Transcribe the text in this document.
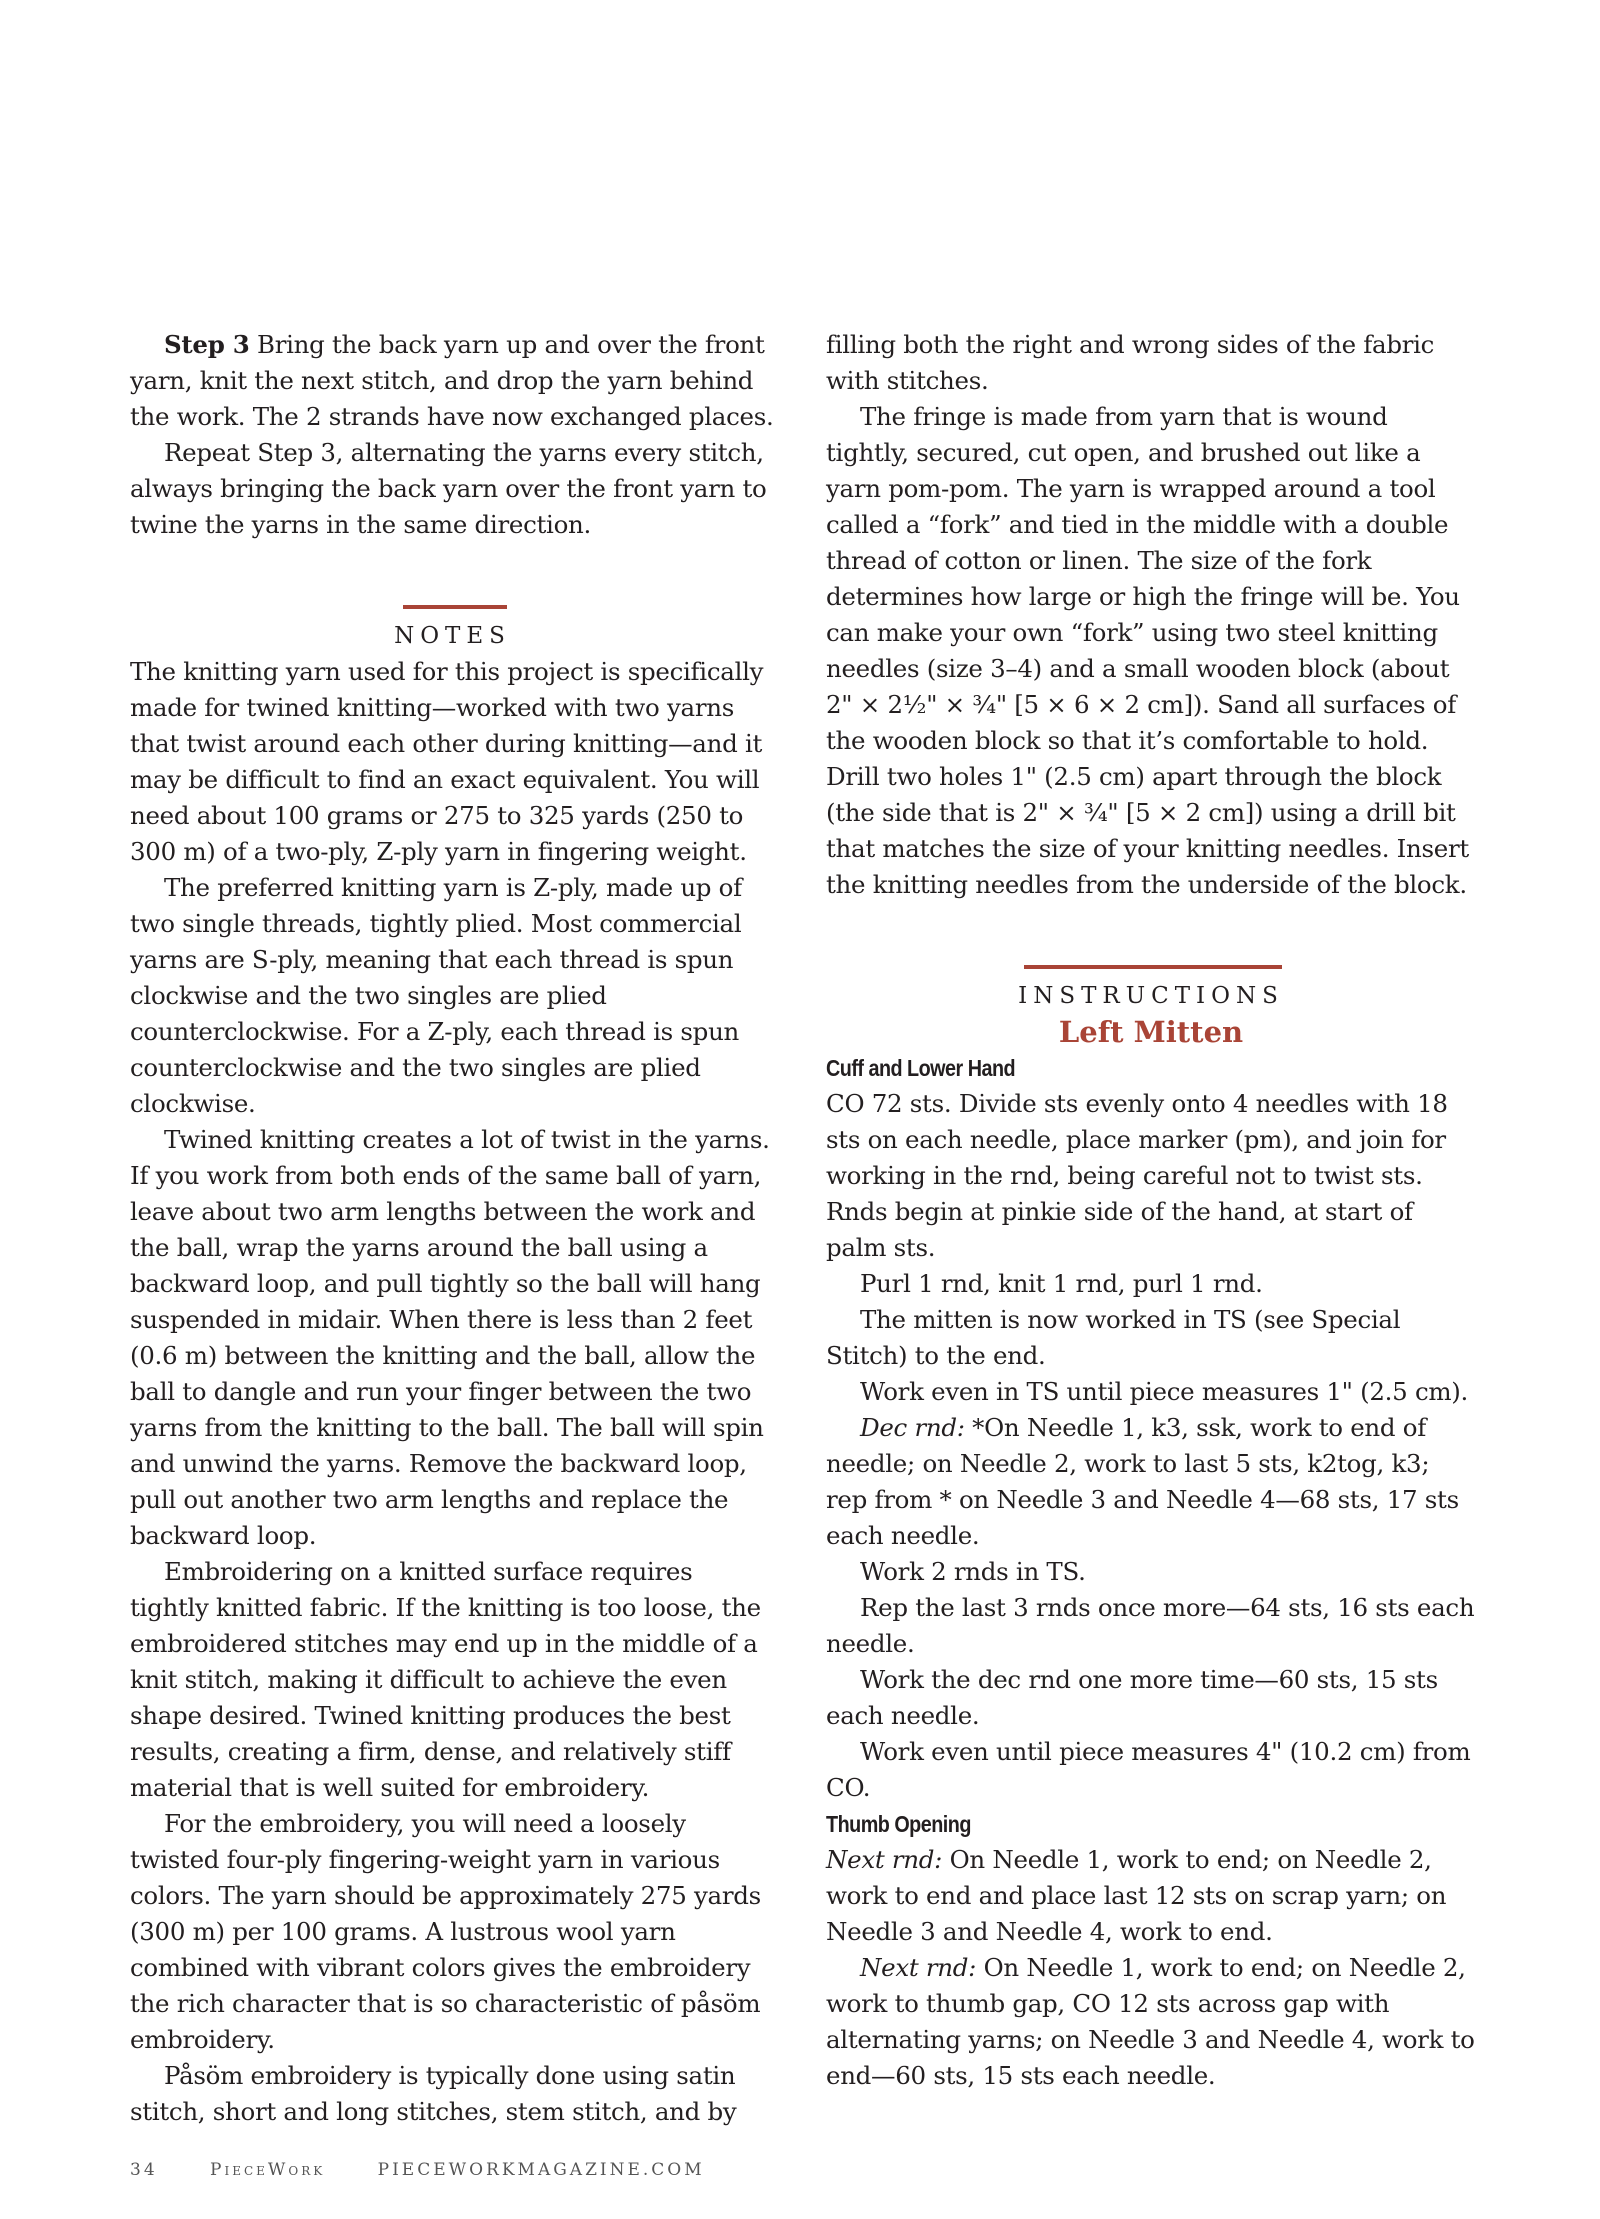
Step 3 Bring the back yarn up and over the front yarn, knit the next stitch, and drop the yarn behind the work. The 2 strands have now exchanged places.

Repeat Step 3, alternating the yarns every stitch, always bringing the back yarn over the front yarn to twine the yarns in the same direction.

NOTES

The knitting yarn used for this project is specifically made for twined knitting—worked with two yarns that twist around each other during knitting—and it may be difficult to find an exact equivalent. You will need about 100 grams or 275 to 325 yards (250 to 300 m) of a two-ply, Z-ply yarn in fingering weight.

The preferred knitting yarn is Z-ply, made up of two single threads, tightly plied. Most commercial yarns are S-ply, meaning that each thread is spun clockwise and the two singles are plied counterclockwise. For a Z-ply, each thread is spun counterclockwise and the two singles are plied clockwise.

Twined knitting creates a lot of twist in the yarns. If you work from both ends of the same ball of yarn, leave about two arm lengths between the work and the ball, wrap the yarns around the ball using a backward loop, and pull tightly so the ball will hang suspended in midair. When there is less than 2 feet (0.6 m) between the knitting and the ball, allow the ball to dangle and run your finger between the two yarns from the knitting to the ball. The ball will spin and unwind the yarns. Remove the backward loop, pull out another two arm lengths and replace the backward loop.

Embroidering on a knitted surface requires tightly knitted fabric. If the knitting is too loose, the embroidered stitches may end up in the middle of a knit stitch, making it difficult to achieve the even shape desired. Twined knitting produces the best results, creating a firm, dense, and relatively stiff material that is well suited for embroidery.

For the embroidery, you will need a loosely twisted four-ply fingering-weight yarn in various colors. The yarn should be approximately 275 yards (300 m) per 100 grams. A lustrous wool yarn combined with vibrant colors gives the embroidery the rich character that is so characteristic of påsöm embroidery.

Påsöm embroidery is typically done using satin stitch, short and long stitches, stem stitch, and by

filling both the right and wrong sides of the fabric with stitches.

The fringe is made from yarn that is wound tightly, secured, cut open, and brushed out like a yarn pom-pom. The yarn is wrapped around a tool called a “fork” and tied in the middle with a double thread of cotton or linen. The size of the fork determines how large or high the fringe will be. You can make your own “fork” using two steel knitting needles (size 3–4) and a small wooden block (about 2" × 2½" × ¾" [5 × 6 × 2 cm]). Sand all surfaces of the wooden block so that it’s comfortable to hold. Drill two holes 1" (2.5 cm) apart through the block (the side that is 2" × ¾" [5 × 2 cm]) using a drill bit that matches the size of your knitting needles. Insert the knitting needles from the underside of the block.

INSTRUCTIONS
Left Mitten
Cuff and Lower Hand

CO 72 sts. Divide sts evenly onto 4 needles with 18 sts on each needle, place marker (pm), and join for working in the rnd, being careful not to twist sts. Rnds begin at pinkie side of the hand, at start of palm sts.

Purl 1 rnd, knit 1 rnd, purl 1 rnd.

The mitten is now worked in TS (see Special Stitch) to the end.

Work even in TS until piece measures 1" (2.5 cm).

Dec rnd: *On Needle 1, k3, ssk, work to end of needle; on Needle 2, work to last 5 sts, k2tog, k3; rep from * on Needle 3 and Needle 4—68 sts, 17 sts each needle.

Work 2 rnds in TS.

Rep the last 3 rnds once more—64 sts, 16 sts each needle.

Work the dec rnd one more time—60 sts, 15 sts each needle.

Work even until piece measures 4" (10.2 cm) from CO.

Thumb Opening

Next rnd: On Needle 1, work to end; on Needle 2, work to end and place last 12 sts on scrap yarn; on Needle 3 and Needle 4, work to end.

Next rnd: On Needle 1, work to end; on Needle 2, work to thumb gap, CO 12 sts across gap with alternating yarns; on Needle 3 and Needle 4, work to end—60 sts, 15 sts each needle.

34	PieceWork	PIECEWORKMAGAZINE.COM
